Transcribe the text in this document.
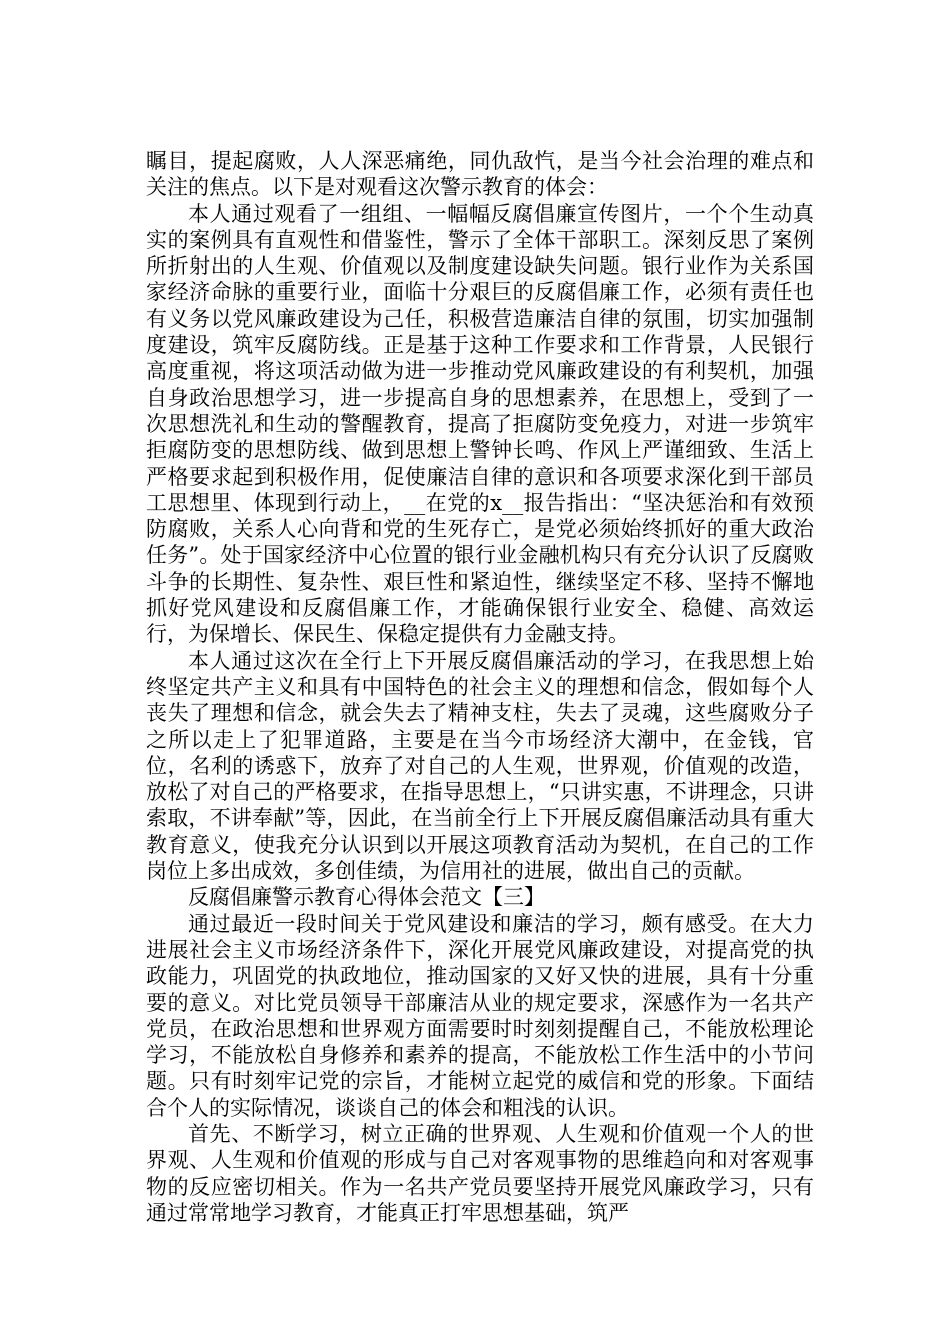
瞩目，提起腐败，人人深恶痛绝，同仇敌忾，是当今社会治理的难点和关注的焦点。以下是对观看这次警示教育的体会：

本人通过观看了一组组、一幅幅反腐倡廉宣传图片，一个个生动真实的案例具有直观性和借鉴性，警示了全体干部职工。深刻反思了案例所折射出的人生观、价值观以及制度建设缺失问题。银行业作为关系国家经济命脉的重要行业，面临十分艰巨的反腐倡廉工作，必须有责任也有义务以党风廉政建设为己任，积极营造廉洁自律的氛围，切实加强制度建设，筑牢反腐防线。正是基于这种工作要求和工作背景，人民银行高度重视，将这项活动做为进一步推动党风廉政建设的有利契机，加强自身政治思想学习，进一步提高自身的思想素养，在思想上，受到了一次思想洗礼和生动的警醒教育，提高了拒腐防变免疫力，对进一步筑牢拒腐防变的思想防线、做到思想上警钟长鸣、作风上严谨细致、生活上严格要求起到积极作用，促使廉洁自律的意识和各项要求深化到干部员工思想里、体现到行动上，__在党的x__报告指出：“坚决惩治和有效预防腐败，关系人心向背和党的生死存亡，是党必须始终抓好的重大政治任务”。处于国家经济中心位置的银行业金融机构只有充分认识了反腐败斗争的长期性、复杂性、艰巨性和紧迫性，继续坚定不移、坚持不懈地抓好党风建设和反腐倡廉工作，才能确保银行业安全、稳健、高效运行，为保增长、保民生、保稳定提供有力金融支持。

本人通过这次在全行上下开展反腐倡廉活动的学习，在我思想上始终坚定共产主义和具有中国特色的社会主义的理想和信念，假如每个人丧失了理想和信念，就会失去了精神支柱，失去了灵魂，这些腐败分子之所以走上了犯罪道路，主要是在当今市场经济大潮中，在金钱，官位，名利的诱惑下，放弃了对自己的人生观，世界观，价值观的改造，放松了对自己的严格要求，在指导思想上，“只讲实惠，不讲理念，只讲索取，不讲奉献”等，因此，在当前全行上下开展反腐倡廉活动具有重大教育意义，使我充分认识到以开展这项教育活动为契机，在自己的工作岗位上多出成效，多创佳绩，为信用社的进展，做出自己的贡献。

反腐倡廉警示教育心得体会范文【三】

通过最近一段时间关于党风建设和廉洁的学习，颇有感受。在大力进展社会主义市场经济条件下，深化开展党风廉政建设，对提高党的执政能力，巩固党的执政地位，推动国家的又好又快的进展，具有十分重要的意义。对比党员领导干部廉洁从业的规定要求，深感作为一名共产党员，在政治思想和世界观方面需要时时刻刻提醒自己，不能放松理论学习，不能放松自身修养和素养的提高，不能放松工作生活中的小节问题。只有时刻牢记党的宗旨，才能树立起党的威信和党的形象。下面结合个人的实际情况，谈谈自己的体会和粗浅的认识。

首先、不断学习，树立正确的世界观、人生观和价值观一个人的世界观、人生观和价值观的形成与自己对客观事物的思维趋向和对客观事物的反应密切相关。作为一名共产党员要坚持开展党风廉政学习，只有通过常常地学习教育，才能真正打牢思想基础，筑严
